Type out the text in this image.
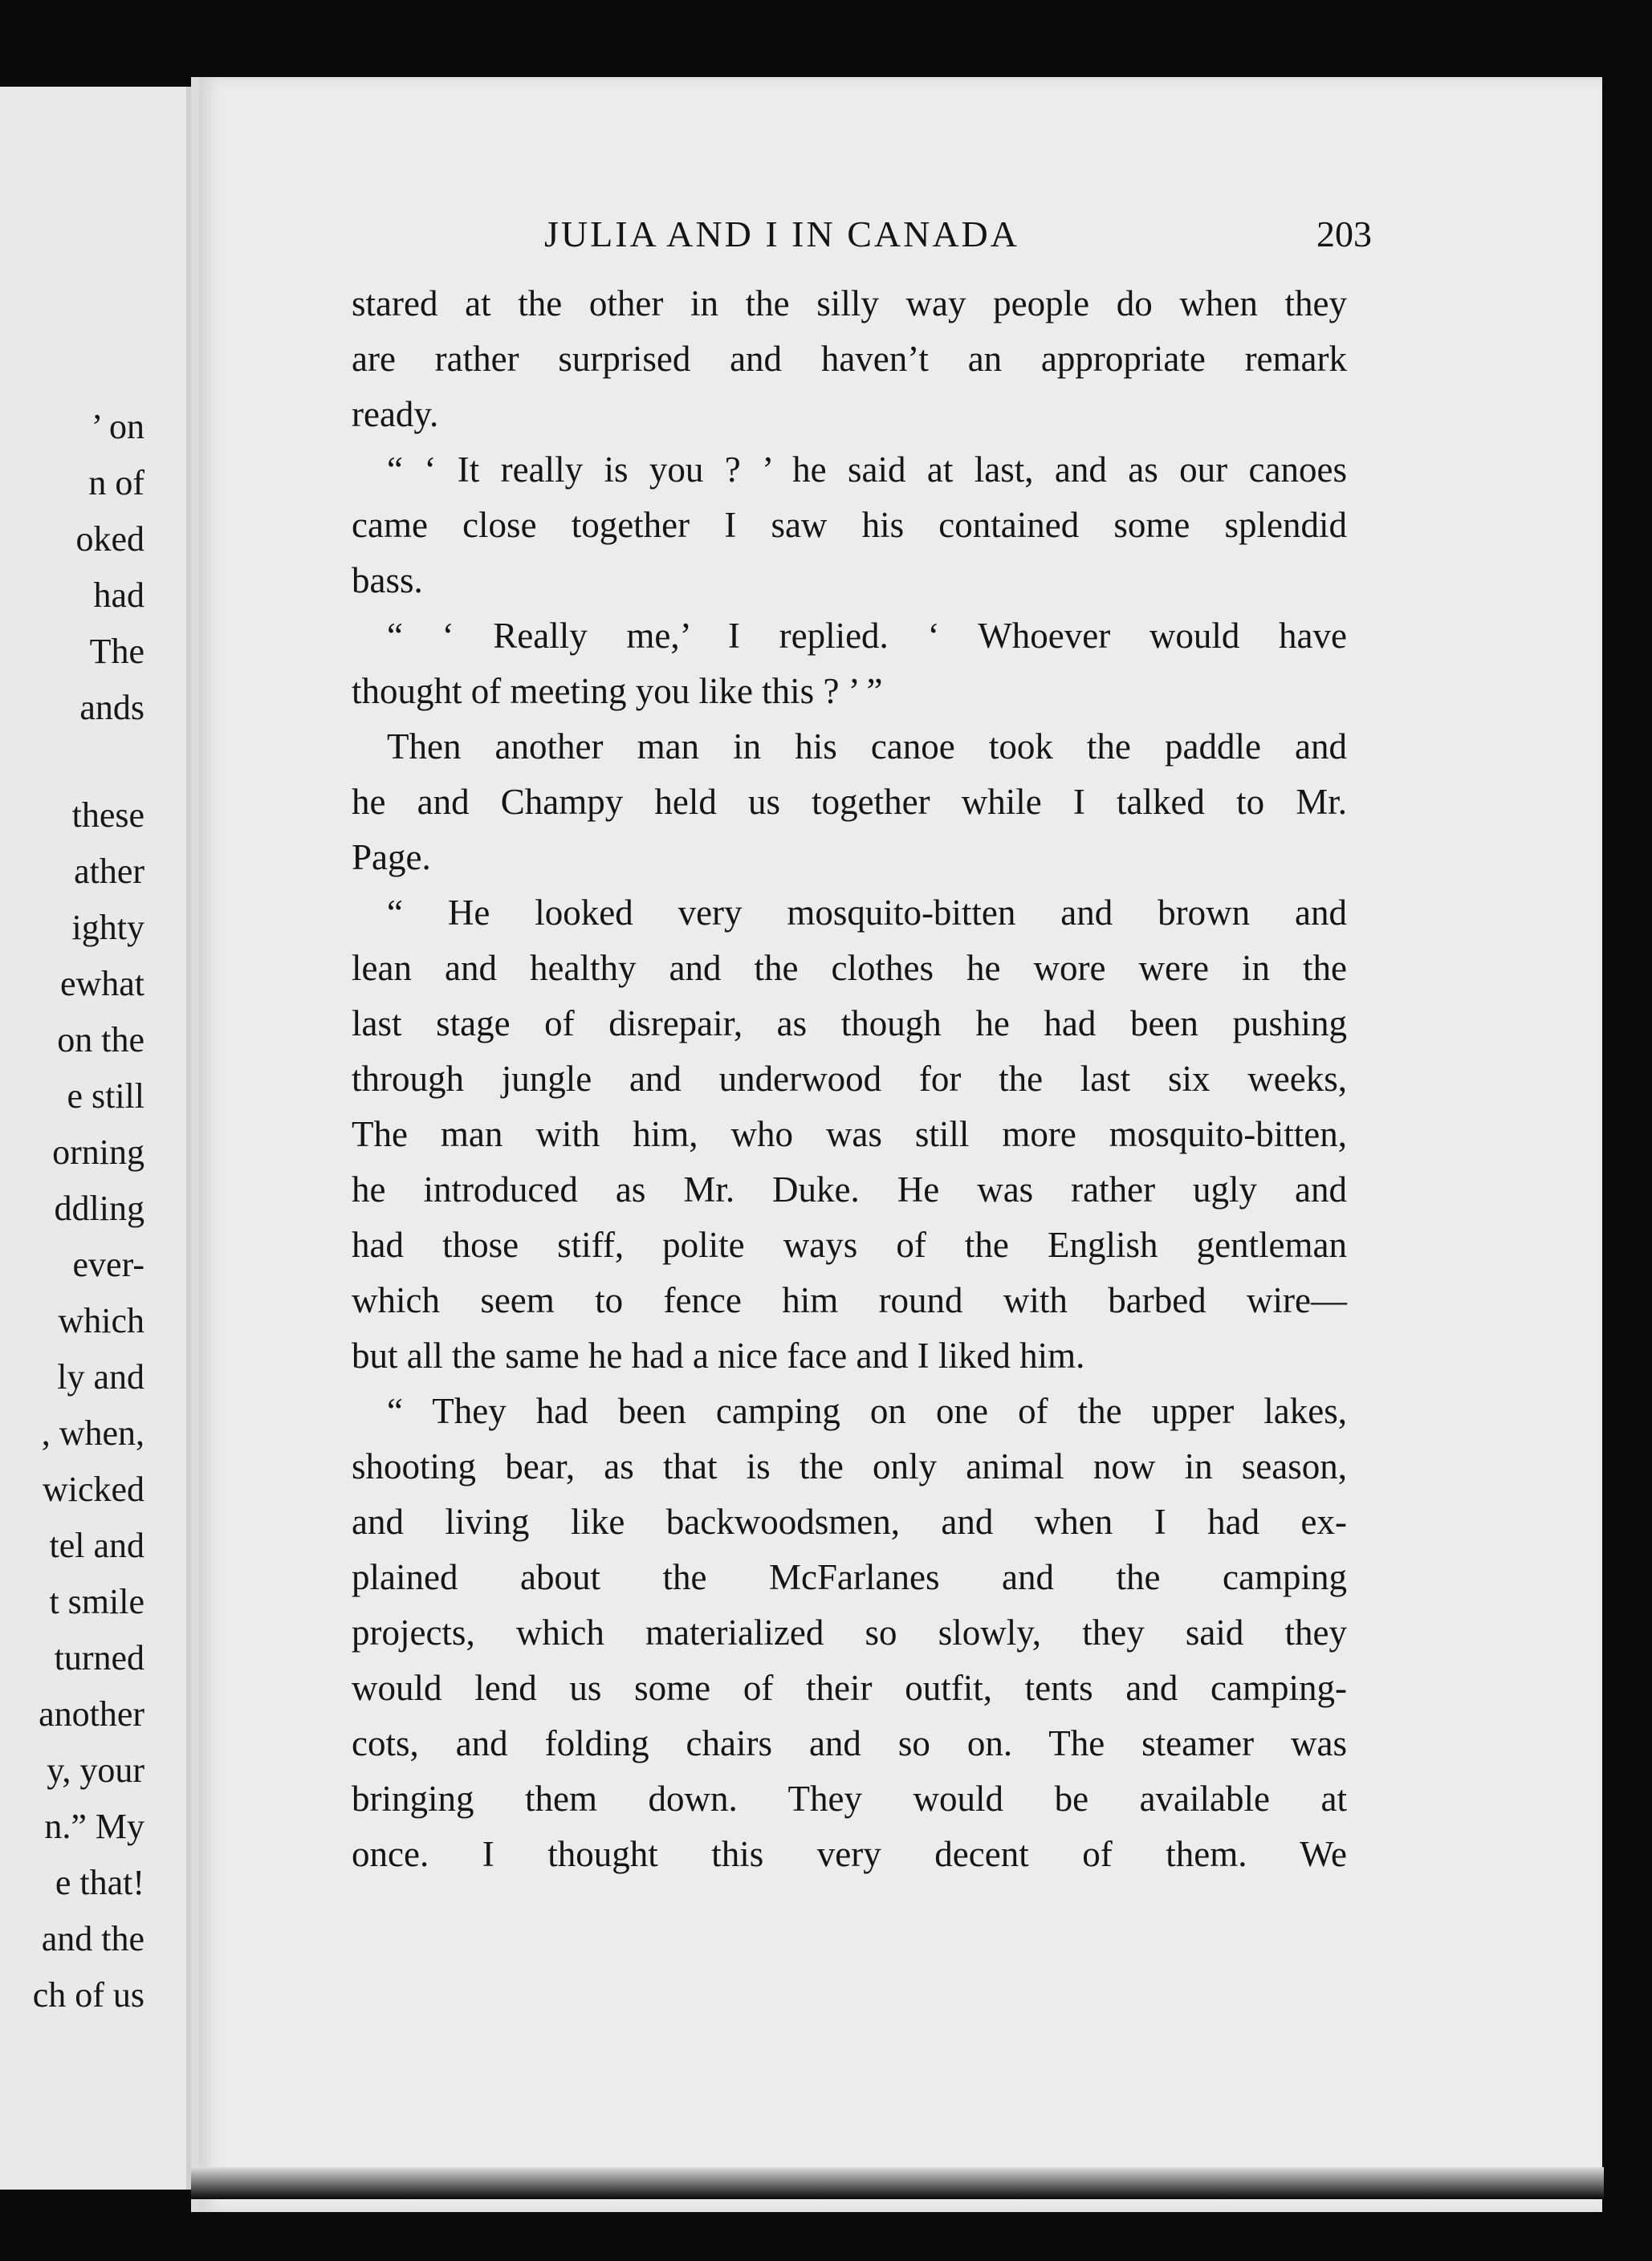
’ on
n of
oked
had
The
ands
these
ather
ighty
ewhat
on the
e still
orning
ddling
ever-
which
ly and
, when,
wicked
tel and
t smile
turned
another
y, your
n.” My
e that!
and the
ch of us
JULIA AND I IN CANADA	203
stared at the other in the silly way people do when they
are rather surprised and haven’t an appropriate remark
ready.
“ ‘ It really is you ? ’ he said at last, and as our canoes
came close together I saw his contained some splendid
bass.
“ ‘ Really me,’ I replied. ‘ Whoever would have
thought of meeting you like this ? ’ ”
Then another man in his canoe took the paddle and
he and Champy held us together while I talked to Mr.
Page.
“ He looked very mosquito-bitten and brown and
lean and healthy and the clothes he wore were in the
last stage of disrepair, as though he had been pushing
through jungle and underwood for the last six weeks,
The man with him, who was still more mosquito-bitten,
he introduced as Mr. Duke. He was rather ugly and
had those stiff, polite ways of the English gentleman
which seem to fence him round with barbed wire—
but all the same he had a nice face and I liked him.
“ They had been camping on one of the upper lakes,
shooting bear, as that is the only animal now in season,
and living like backwoodsmen, and when I had ex-
plained about the McFarlanes and the camping
projects, which materialized so slowly, they said they
would lend us some of their outfit, tents and camping-
cots, and folding chairs and so on. The steamer was
bringing them down. They would be available at
once. I thought this very decent of them. We
